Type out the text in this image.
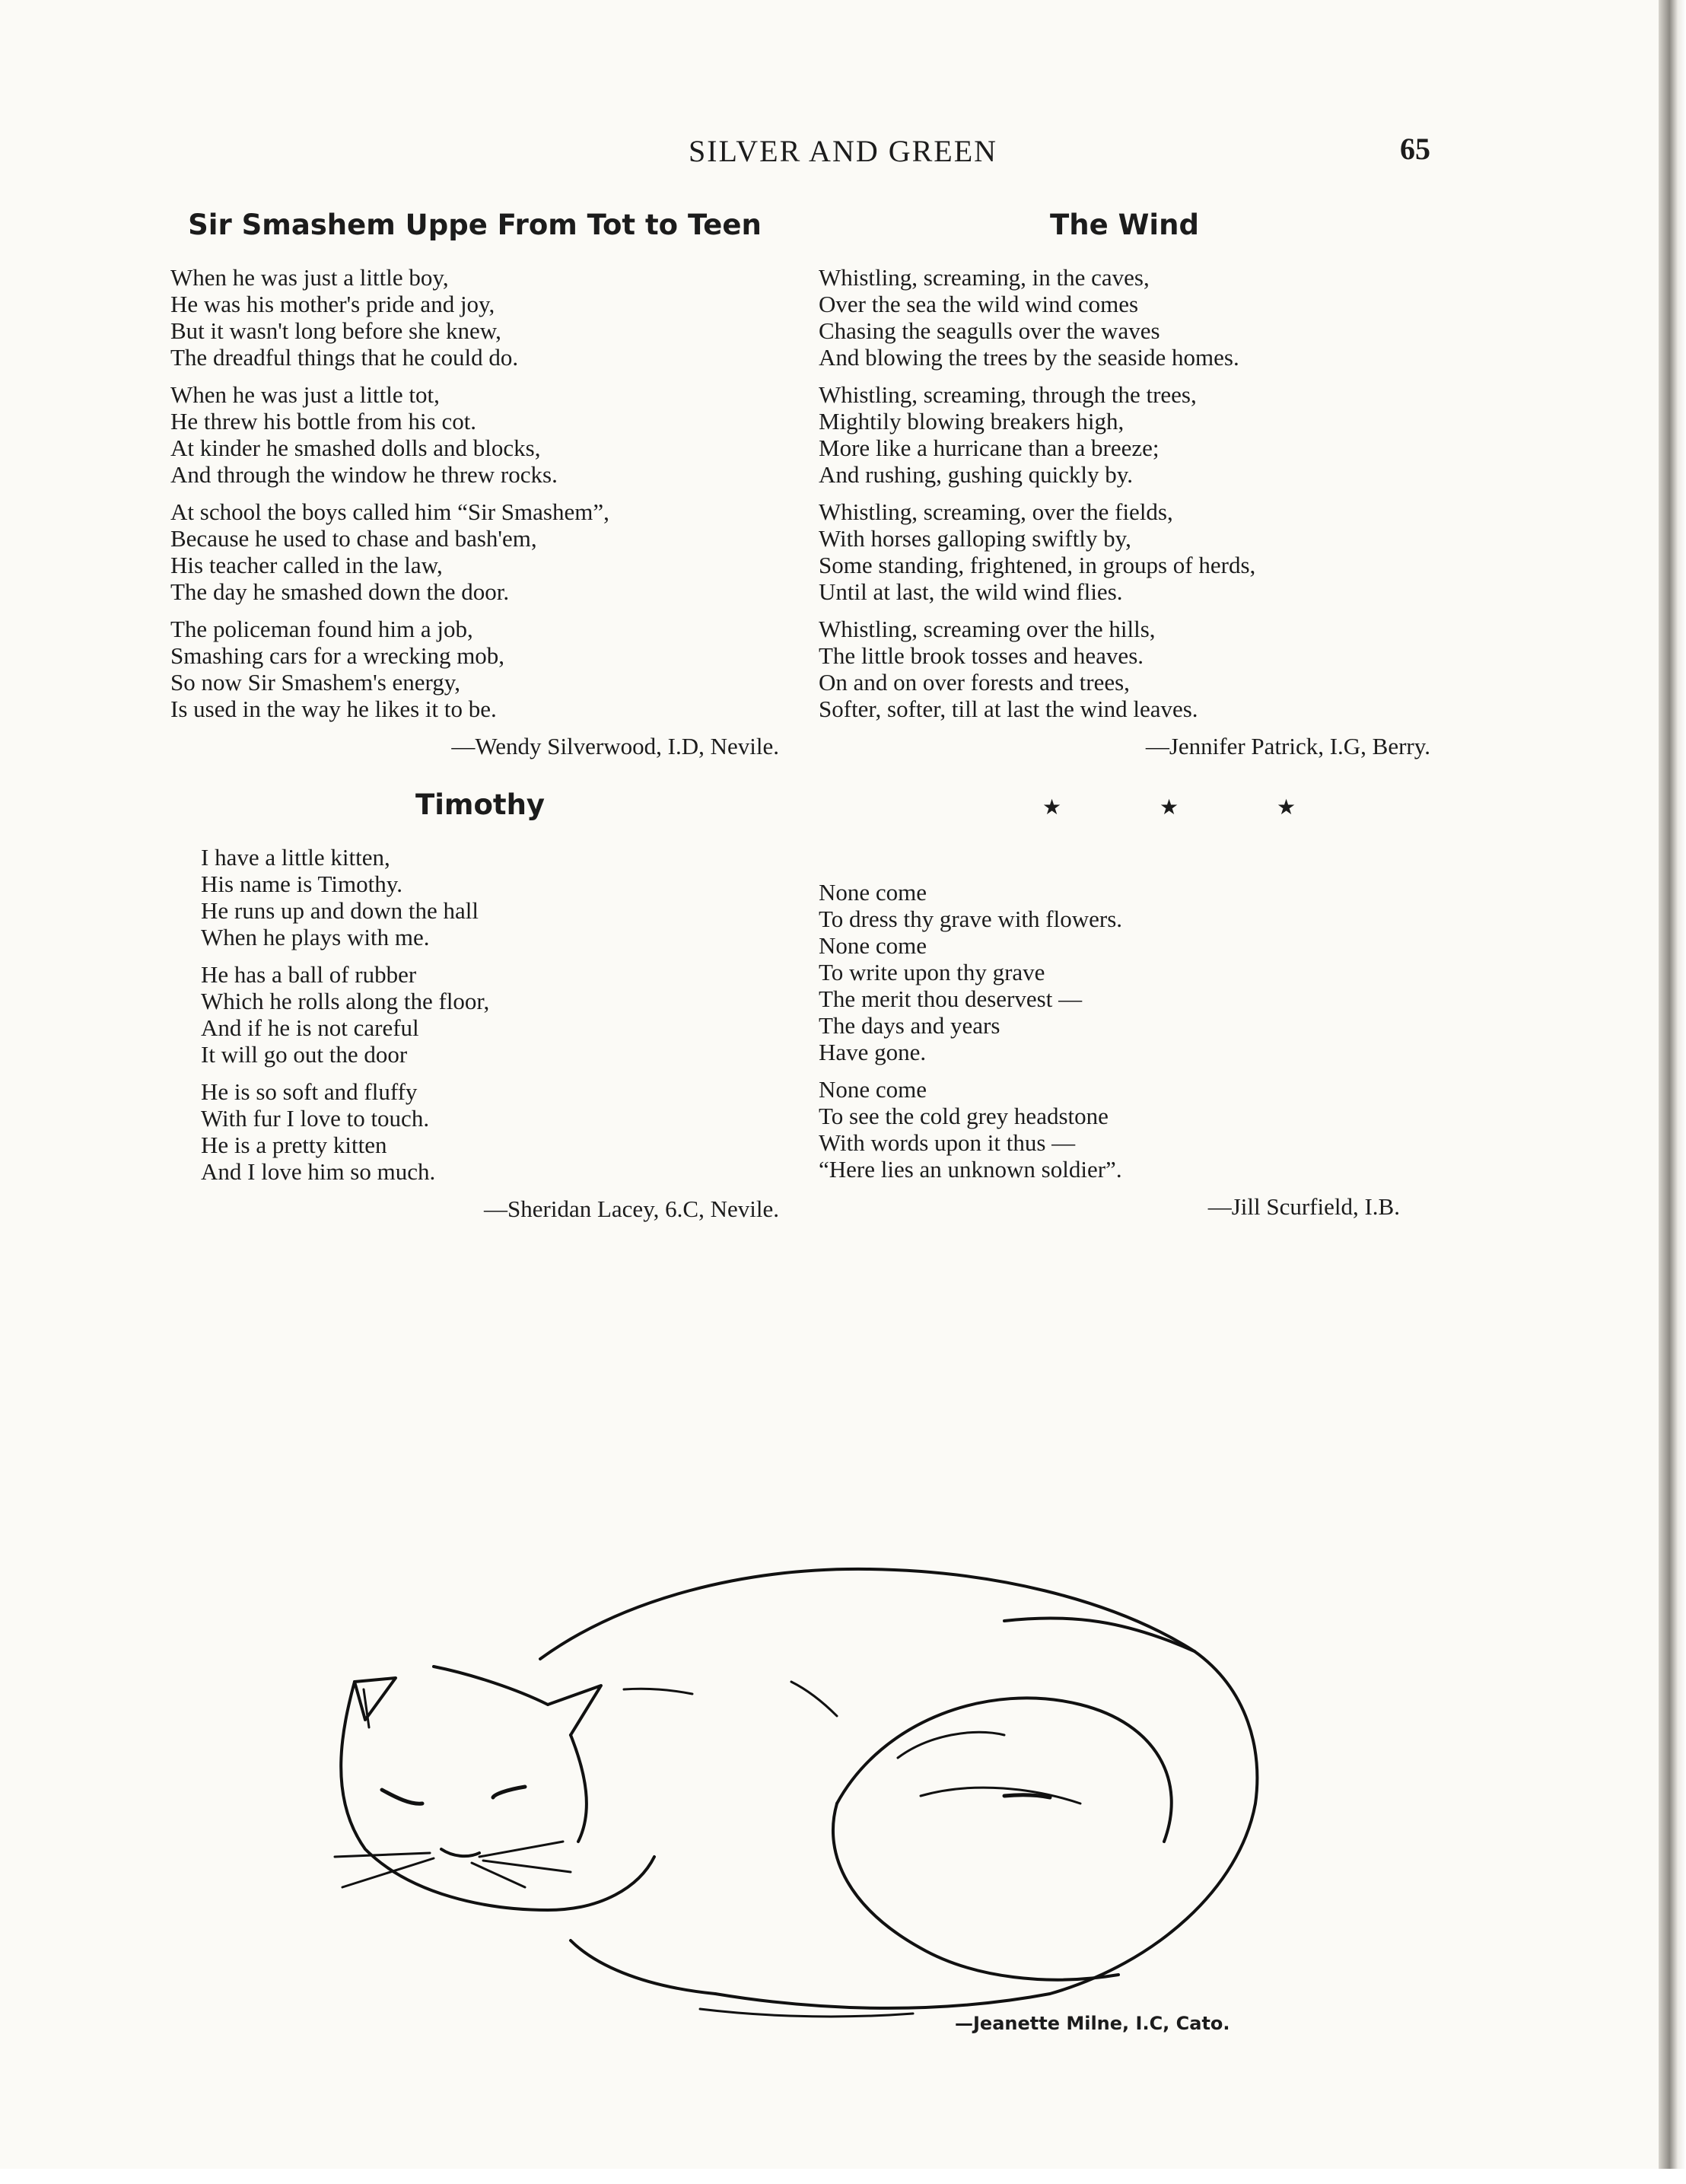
SILVER AND GREEN	65
Sir Smashem Uppe From Tot to Teen
When he was just a little boy,
He was his mother's pride and joy,
But it wasn't long before she knew,
The dreadful things that he could do.
When he was just a little tot,
He threw his bottle from his cot.
At kinder he smashed dolls and blocks,
And through the window he threw rocks.
At school the boys called him “Sir Smashem”,
Because he used to chase and bash'em,
His teacher called in the law,
The day he smashed down the door.
The policeman found him a job,
Smashing cars for a wrecking mob,
So now Sir Smashem's energy,
Is used in the way he likes it to be.
—Wendy Silverwood, I.D, Nevile.
The Wind
Whistling, screaming, in the caves,
Over the sea the wild wind comes
Chasing the seagulls over the waves
And blowing the trees by the seaside homes.
Whistling, screaming, through the trees,
Mightily blowing breakers high,
More like a hurricane than a breeze;
And rushing, gushing quickly by.
Whistling, screaming, over the fields,
With horses galloping swiftly by,
Some standing, frightened, in groups of herds,
Until at last, the wild wind flies.
Whistling, screaming over the hills,
The little brook tosses and heaves.
On and on over forests and trees,
Softer, softer, till at last the wind leaves.
—Jennifer Patrick, I.G, Berry.
Timothy
I have a little kitten,
His name is Timothy.
He runs up and down the hall
When he plays with me.
He has a ball of rubber
Which he rolls along the floor,
And if he is not careful
It will go out the door
He is so soft and fluffy
With fur I love to touch.
He is a pretty kitten
And I love him so much.
—Sheridan Lacey, 6.C, Nevile.
★ ★ ★
None come
To dress thy grave with flowers.
None come
To write upon thy grave
The merit thou deservest —
The days and years
Have gone.
None come
To see the cold grey headstone
With words upon it thus —
“Here lies an unknown soldier”.
—Jill Scurfield, I.B.
—Jeanette Milne, I.C, Cato.
